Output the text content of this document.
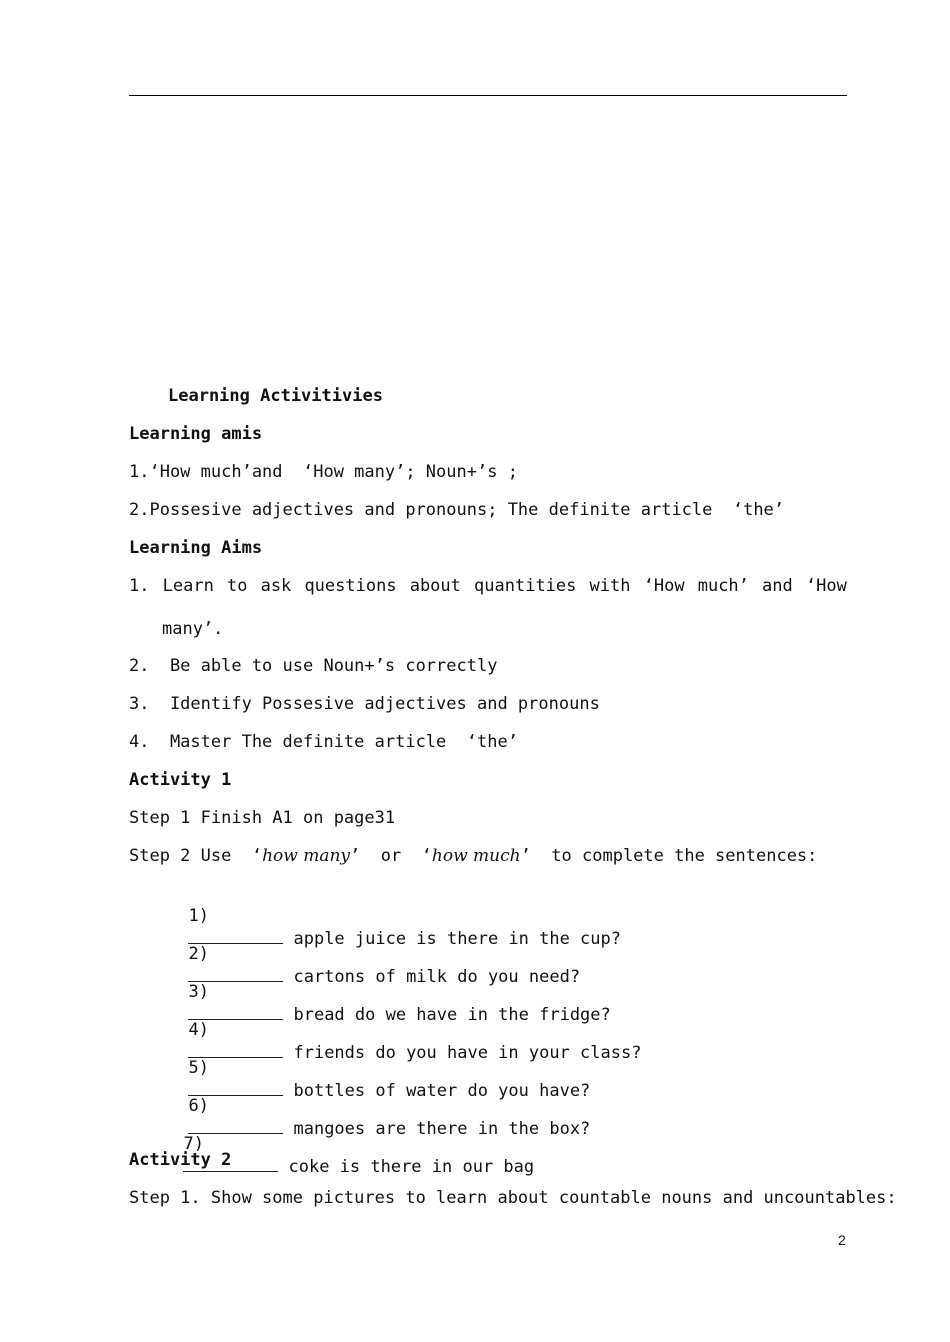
Learning Activitivies
Learning amis
1.‘How much’and  ‘How many’; Noun+’s ;
2.Possesive adjectives and pronouns; The definite article  ‘the’
Learning Aims
1. Learn to ask questions about quantities with ‘How much’ and ‘How
many’.
2.  Be able to use Noun+’s correctly
3.  Identify Possesive adjectives and pronouns
4.  Master The definite article  ‘the’
Activity 1
Step 1 Finish A1 on page31
Step 2 Use  ‘how many’  or  ‘how much’  to complete the sentences:

1)
apple juice is there in the cup?

2)
cartons of milk do you need?

3)
bread do we have in the fridge?

4)
friends do you have in your class?

5)
bottles of water do you have?

6)
mangoes are there in the box?

7)
coke is there in our bag

Activity 2
Step 1. Show some pictures to learn about countable nouns and uncountables:
2
